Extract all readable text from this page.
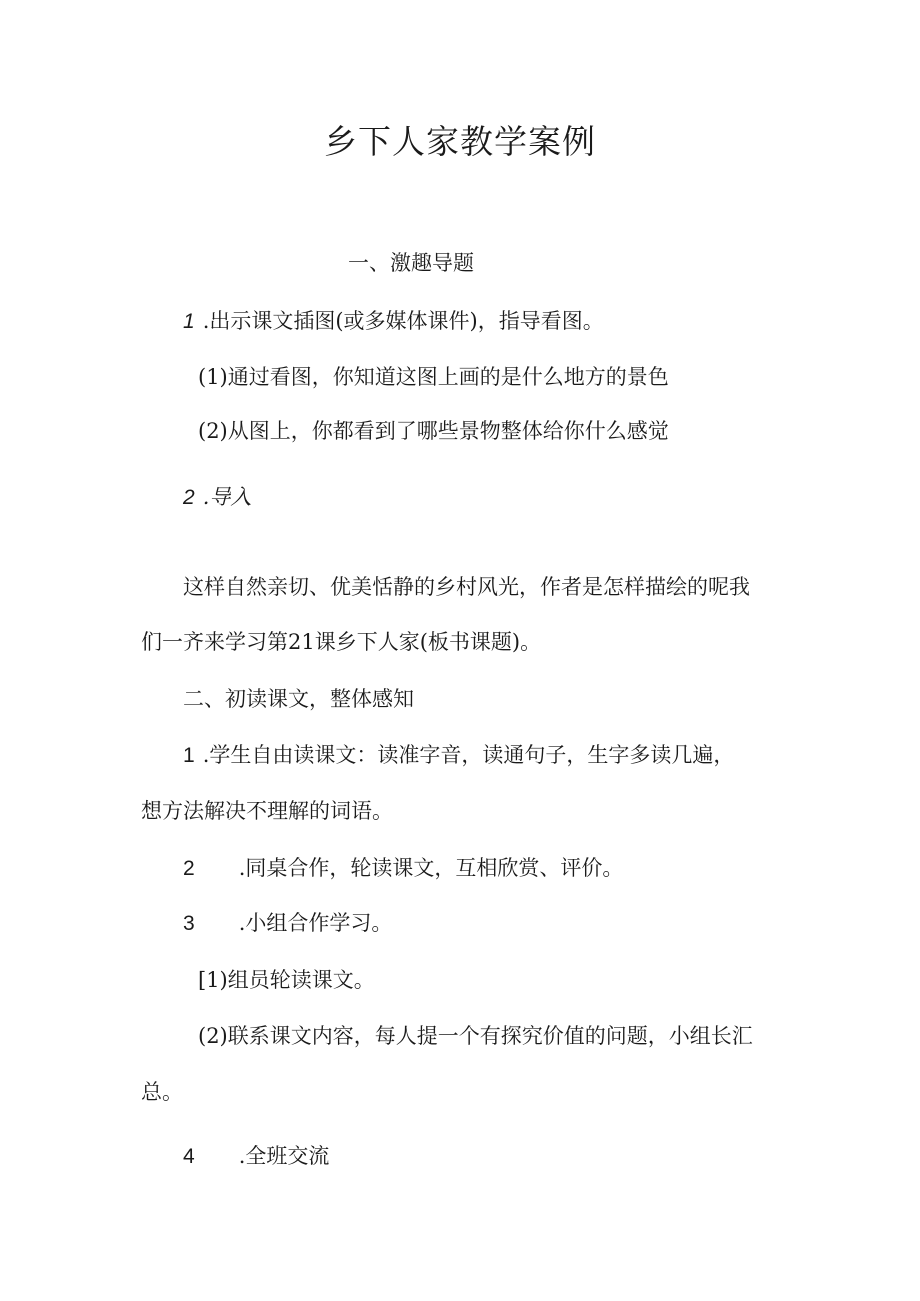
乡下人家教学案例
一、激趣导题
1 .出示课文插图(或多媒体课件)，指导看图。
(1)通过看图，你知道这图上画的是什么地方的景色
(2)从图上，你都看到了哪些景物整体给你什么感觉
2 .导入
这样自然亲切、优美恬静的乡村风光，作者是怎样描绘的呢我
们一齐来学习第21课乡下人家(板书课题)。
二、初读课文，整体感知
1 .学生自由读课文：读准字音，读通句子，生字多读几遍，
想方法解决不理解的词语。
2 .同桌合作，轮读课文，互相欣赏、评价。
3 .小组合作学习。
[1)组员轮读课文。
(2)联系课文内容，每人提一个有探究价值的问题，小组长汇
总。
4 .全班交流
